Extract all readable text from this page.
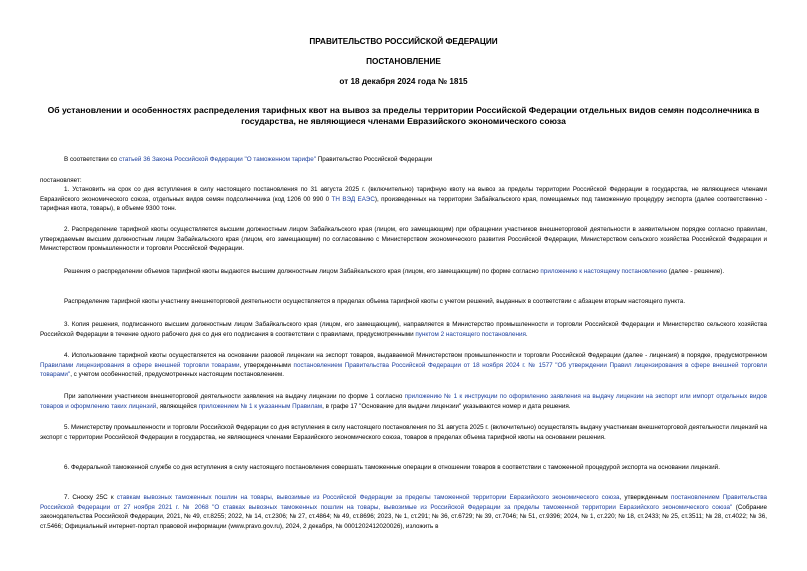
ПРАВИТЕЛЬСТВО РОССИЙСКОЙ ФЕДЕРАЦИИ
ПОСТАНОВЛЕНИЕ
от 18 декабря 2024 года № 1815
Об установлении и особенностях распределения тарифных квот на вывоз за пределы территории Российской Федерации отдельных видов семян подсолнечника в государства, не являющиеся членами Евразийского экономического союза
В соответствии со статьей 36 Закона Российской Федерации "О таможенном тарифе" Правительство Российской Федерации
постановляет:
1. Установить на срок со дня вступления в силу настоящего постановления по 31 августа 2025 г. (включительно) тарифную квоту на вывоз за пределы территории Российской Федерации в государства, не являющиеся членами Евразийского экономического союза, отдельных видов семян подсолнечника (код 1206 00 990 0 ТН ВЭД ЕАЭС), произведенных на территории Забайкальского края, помещаемых под таможенную процедуру экспорта (далее соответственно - тарифная квота, товары), в объеме 9300 тонн.
2. Распределение тарифной квоты осуществляется высшим должностным лицом Забайкальского края (лицом, его замещающим) при обращении участников внешнеторговой деятельности в заявительном порядке согласно правилам, утверждаемым высшим должностным лицом Забайкальского края (лицом, его замещающим) по согласованию с Министерством экономического развития Российской Федерации, Министерством сельского хозяйства Российской Федерации и Министерством промышленности и торговли Российской Федерации.
Решения о распределении объемов тарифной квоты выдаются высшим должностным лицом Забайкальского края (лицом, его замещающим) по форме согласно приложению к настоящему постановлению (далее - решение).
Распределение тарифной квоты участнику внешнеторговой деятельности осуществляется в пределах объема тарифной квоты с учетом решений, выданных в соответствии с абзацем вторым настоящего пункта.
3. Копия решения, подписанного высшим должностным лицом Забайкальского края (лицом, его замещающим), направляется в Министерство промышленности и торговли Российской Федерации и Министерство сельского хозяйства Российской Федерации в течение одного рабочего дня со дня его подписания в соответствии с правилами, предусмотренными пунктом 2 настоящего постановления.
4. Использование тарифной квоты осуществляется на основании разовой лицензии на экспорт товаров, выдаваемой Министерством промышленности и торговли Российской Федерации (далее - лицензия) в порядке, предусмотренном Правилами лицензирования в сфере внешней торговли товарами, утвержденными постановлением Правительства Российской Федерации от 18 ноября 2024 г. № 1577 "Об утверждении Правил лицензирования в сфере внешней торговли товарами", с учетом особенностей, предусмотренных настоящим постановлением.
При заполнении участником внешнеторговой деятельности заявления на выдачу лицензии по форме 1 согласно приложению № 1 к инструкции по оформлению заявления на выдачу лицензии на экспорт или импорт отдельных видов товаров и оформлению таких лицензий, являющейся приложением № 1 к указанным Правилам, в графе 17 "Основание для выдачи лицензии" указываются номер и дата решения.
5. Министерству промышленности и торговли Российской Федерации со дня вступления в силу настоящего постановления по 31 августа 2025 г. (включительно) осуществлять выдачу участникам внешнеторговой деятельности лицензий на экспорт с территории Российской Федерации в государства, не являющиеся членами Евразийского экономического союза, товаров в пределах объема тарифной квоты на основании решения.
6. Федеральной таможенной службе со дня вступления в силу настоящего постановления совершать таможенные операции в отношении товаров в соответствии с таможенной процедурой экспорта на основании лицензий.
7. Сноску 25С к ставкам вывозных таможенных пошлин на товары, вывозимые из Российской Федерации за пределы таможенной территории Евразийского экономического союза, утвержденным постановлением Правительства Российской Федерации от 27 ноября 2021 г. № 2068 "О ставках вывозных таможенных пошлин на товары, вывозимые из Российской Федерации за пределы таможенной территории Евразийского экономического союза" (Собрание законодательства Российской Федерации, 2021, № 49, ст.8255; 2022, № 14, ст.2306; № 27, ст.4864; № 49, ст.8696; 2023, № 1, ст.291; № 36, ст.6729; № 39, ст.7046; № 51, ст.9396; 2024, № 1, ст.220; № 18, ст.2433; № 25, ст.3511; № 28, ст.4022; № 36, ст.5466; Официальный интернет-портал правовой информации (www.pravo.gov.ru), 2024, 2 декабря, № 0001202412020026), изложить в
